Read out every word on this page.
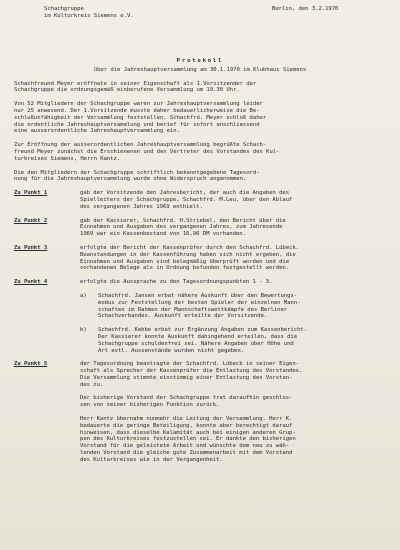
Schachgruppe
im Kulturkreis Siemens e.V.
Berlin, den 3.2.1970
Protokoll
über die Jahreshauptversammlung am 30.1.1970 im Klubhaus Siemens
Schachfreund Meyer eröffnete in seiner Eigenschaft als 1.Vorsitzender der
Schachgruppe die ordnungsgemäß einberufene Versammlung um 19.30 Uhr.
Von 52 Mitgliedern der Schachgruppe waren zur Jahreshauptversammlung leider
nur 25 anwesend. Der 1.Vorsitzende musste daher bedauerlicherweise die Be-
schlußunfähigkeit der Versammlung feststellen. Schachfrd. Meyer schloß daher
die ordentliche Jahreshauptversammlung und berief für sofort anschliessend
eine ausserordentliche Jahreshauptversammlung ein.
Zur Eröffnung der ausserordentlichen Jahreshauptversammlung begrüßte Schach-
freund Meyer zunächst die Erschienenen und den Vertreter des Vorstandes des Kul-
turkreises Siemens, Herrn Kantz.
Die den Mitgliedern der Schachgruppe schriftlich bekanntgegebene Tagesord-
nung für die Jahreshauptversammlung wurde ohne Widerspruch angenommen.
Zu Punkt 1	gab der Vorsitzende den Jahresbericht, der auch die Angaben des
Spielleiters der Schachgruppe, Schachfrd. M.Leu, über den Ablauf
des vergangenen Jahres 1969 enthielt.
Zu Punkt 2	gab der Kassierer, Schachfrd. H.Striebel, den Bericht über die
Einnahmen und Ausgaben des vergangenen Jahres, zum Jahresende
1969 war ein Kassenbestand von 16,96 DM vorhanden.
Zu Punkt 3	erfolgte der Bericht der Kassenprüfer durch den Schachfrd. Lübeck.
Beanstandungen in der Kassenführung haben sich nicht ergeben, die
Einnahmen und Ausgaben sind belegmäßig überprüft worden und die
vorhandenen Belege als in Ordnung befunden festgestellt worden.
Zu Punkt 4	erfolgte die Aussprache zu den Tagesordnungspunkten 1 - 3.
a)	Schachfrd. Jansen erbat nähere Auskunft über den Bewertungs-
modus zur Feststellung der besten Spieler der einzelnen Mann-
schaften im Rahmen der Mannschaftswettkämpfe des Berliner
Schachverbandes. Auskunft erteilte der Vorsitzende.
b)	Schachfrd. Kebbe erbat zur Ergänzung Angaben zum Kassenbericht.
Der Kassierer konnte Auskunft dahingehend erteilen, dass die
Schachgruppe schuldenfrei sei. Nähere Angaben über Höhe und
Art evtl. Aussenstände wurden nicht gegeben.
Zu Punkt 5	der Tagesordnung beantragte der Schachfrd. Lübeck in seiner Eigen-
schaft als Sprecher der Kassenprüfer die Entlastung des Vorstandes.
Die Versammlung stimmte einstimmig einer Entlastung des Vorstan-
des zu.
Der bisherige Vorstand der Schachgruppe trat daraufhin geschlos-
sen von seiner bisherigen Funktion zurück.
Herr Kantz übernahm nunmehr die Leitung der Versammlung. Herr K.
bedauerte die geringe Beteiligung, konnte aber berechtigt darauf
hinweisen, dass dieselbe Kalamität auch bei einigen anderen Grup-
pen des Kulturkreises festzustellen sei. Er dankte den bisherigen
Vorstand für die geleistete Arbeit und wünschte dem neu zu wäh-
lenden Vorstand die gleiche gute Zusammenarbeit mit dem Vorstand
des Kulturkreises wie in der Vergangenheit.
